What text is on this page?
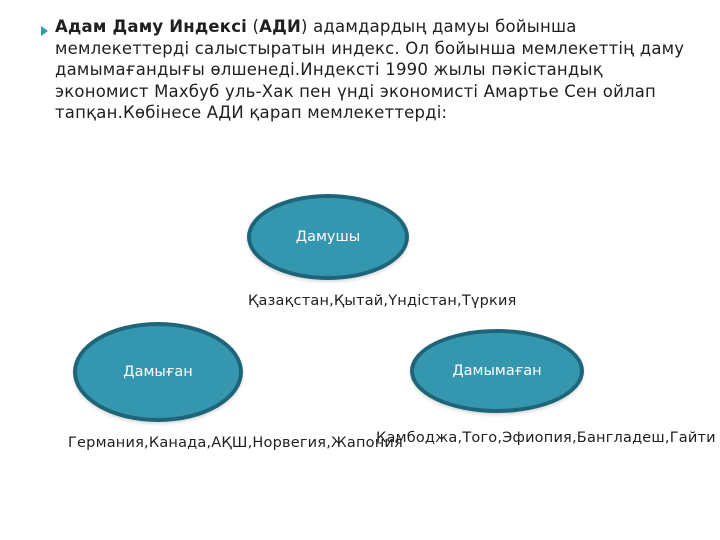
Адам Даму Индексі (АДИ) адамдардың дамуы бойынша мемлекеттерді салыстыратын индекс. Ол бойынша мемлекеттің даму дамымағандығы өлшенеді.Индексті 1990 жылы пәкістандық экономист Махбуб уль-Хак пен үнді экономисті Амартье Сен ойлап тапқан.Көбінесе АДИ қарап мемлекеттерді:
Дамушы
Дамыған	Дамымаған
Қазақстан,Қытай,Үндістан,Түркия
Германия,Канада,АҚШ,Норвегия,Жапония
Камбоджа,Того,Эфиопия,Бангладеш,Гайти
